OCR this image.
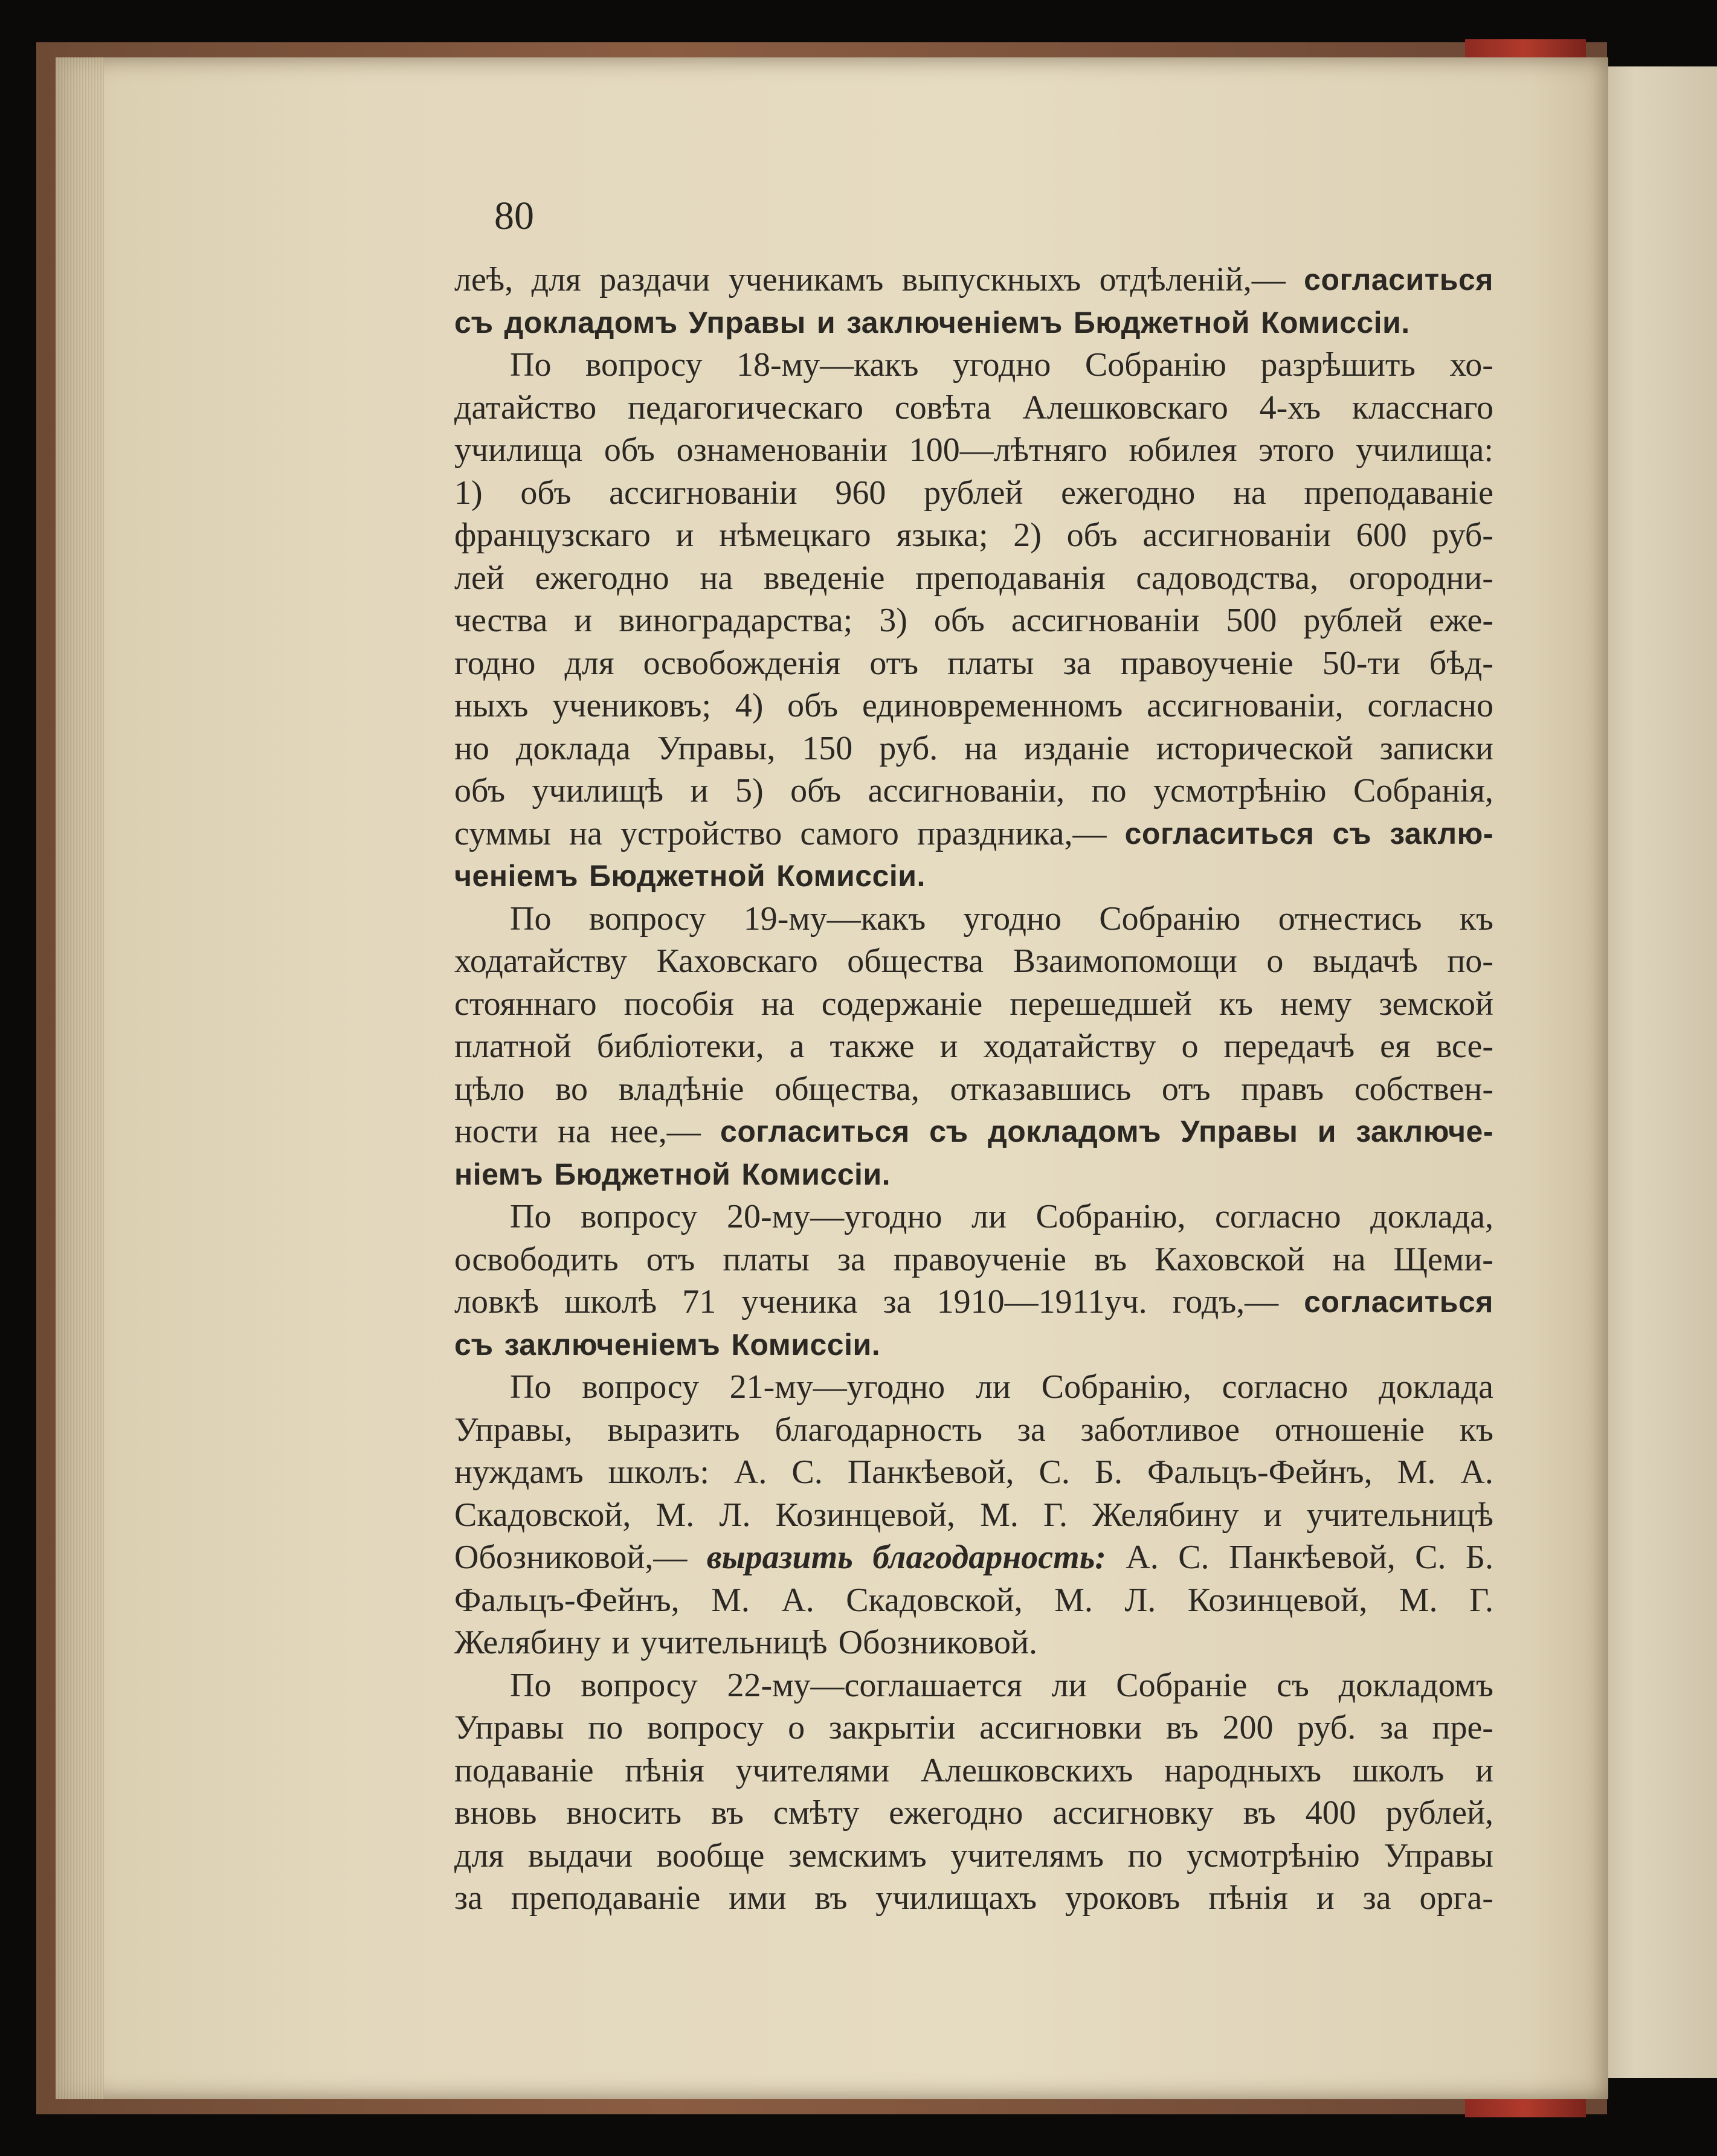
80
лeѣ, для раздачи ученикамъ выпускныхъ отдѣлeній,— согласиться
съ докладомъ Управы и заключеніемъ Бюджетной Комиссіи.
По вопросу 18-му—какъ угодно Собранію разрѣшить хо-
датайство педагогическаго совѣта Алешковскаго 4-хъ класснаго
училища объ ознаменованіи 100—лѣтняго юбилея этого училища:
1) объ ассигнованіи 960 рублей ежегодно на преподаваніе
французскаго и нѣмецкаго языка; 2) объ ассигнованіи 600 руб-
лей ежегодно на введеніе преподаванія садоводства, огородни-
чества и виноградарства; 3) объ ассигнованіи 500 рублей еже-
годно для освобожденія отъ платы за правоученіе 50-ти бѣд-
ныхъ учениковъ; 4) объ единовременномъ ассигнованіи, согласно
но доклада Управы, 150 руб. на изданіе исторической записки
объ училищѣ и 5) объ ассигнованіи, по усмотрѣнію Собранія,
суммы на устройство самого праздника,— согласиться съ заклю-
ченіемъ Бюджетной Комиссіи.
По вопросу 19-му—какъ угодно Собранію отнестись къ
ходатайству Каховскаго общества Взаимопомощи о выдачѣ по-
стояннаго пособія на содержаніе перешедшей къ нему земской
платной библіотеки, а также и ходатайству о передачѣ ея все-
цѣло во владѣніе общества, отказавшись отъ правъ собствен-
ности на нее,— согласиться съ докладомъ Управы и заключе-
ніемъ Бюджетной Комиссіи.
По вопросу 20-му—угодно ли Собранію, согласно доклада,
освободить отъ платы за правоученіе въ Каховской на Щеми-
ловкѣ школѣ 71 ученика за 1910—1911уч. годъ,— согласиться
съ заключеніемъ Комиссіи.
По вопросу 21-му—угодно ли Собранію, согласно доклада
Управы, выразить благодарность за заботливое отношеніе къ
нуждамъ школъ: А. С. Панкѣевой, С. Б. Фальцъ-Фейнъ, М. А.
Скадовской, М. Л. Козинцевой, М. Г. Желябину и учительницѣ
Обозниковой,— выразить благодарность: А. С. Панкѣевой, С. Б.
Фальцъ-Фейнъ, М. А. Скадовской, М. Л. Козинцевой, М. Г.
Желябину и учительницѣ Обозниковой.
По вопросу 22-му—соглашается ли Собраніе съ докладомъ
Управы по вопросу о закрытіи ассигновки въ 200 руб. за пре-
подаваніе пѣнія учителями Алешковскихъ народныхъ школъ и
вновь вносить въ смѣту ежегодно ассигновку въ 400 рублей,
для выдачи вообще земскимъ учителямъ по усмотрѣнію Управы
за преподаваніе ими въ училищахъ уроковъ пѣнія и за орга-
